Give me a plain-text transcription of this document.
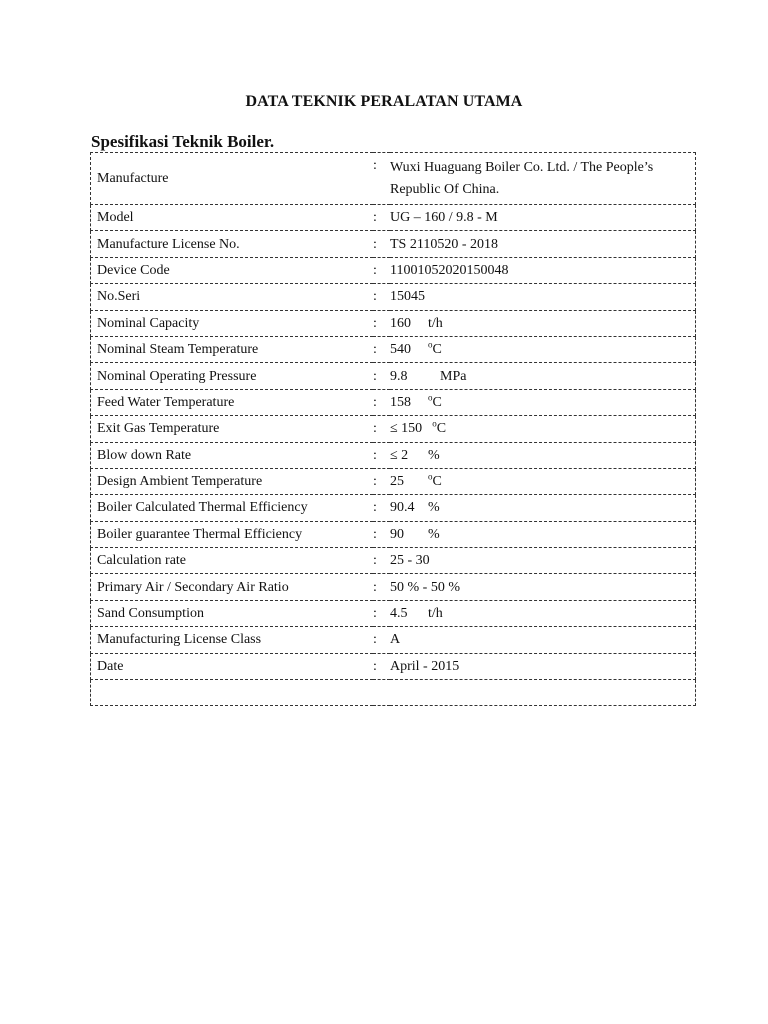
DATA TEKNIK PERALATAN UTAMA
Spesifikasi Teknik Boiler.
Manufacture	:	Wuxi Huaguang Boiler Co. Ltd. / The People’s Republic Of China.
Model	:	UG – 160 / 9.8 - M
Manufacture License No.	:	TS 2110520 - 2018
Device Code	:	11001052020150048
No.Seri	:	15045
Nominal Capacity	:	160 t/h
Nominal Steam Temperature	:	540 $^o$C
Nominal Operating Pressure	:	9.8 MPa
Feed Water Temperature	:	158 $^o$C
Exit Gas Temperature	:	≤ 150 $^o$C
Blow down Rate	:	≤ 2 %
Design Ambient Temperature	:	25 $^o$C
Boiler Calculated Thermal Efficiency	:	90.4 %
Boiler guarantee Thermal Efficiency	:	90 %
Calculation rate	:	25 - 30
Primary Air / Secondary Air Ratio	:	50 % - 50 %
Sand Consumption	:	4.5 t/h
Manufacturing License Class	:	A
Date	:	April - 2015
